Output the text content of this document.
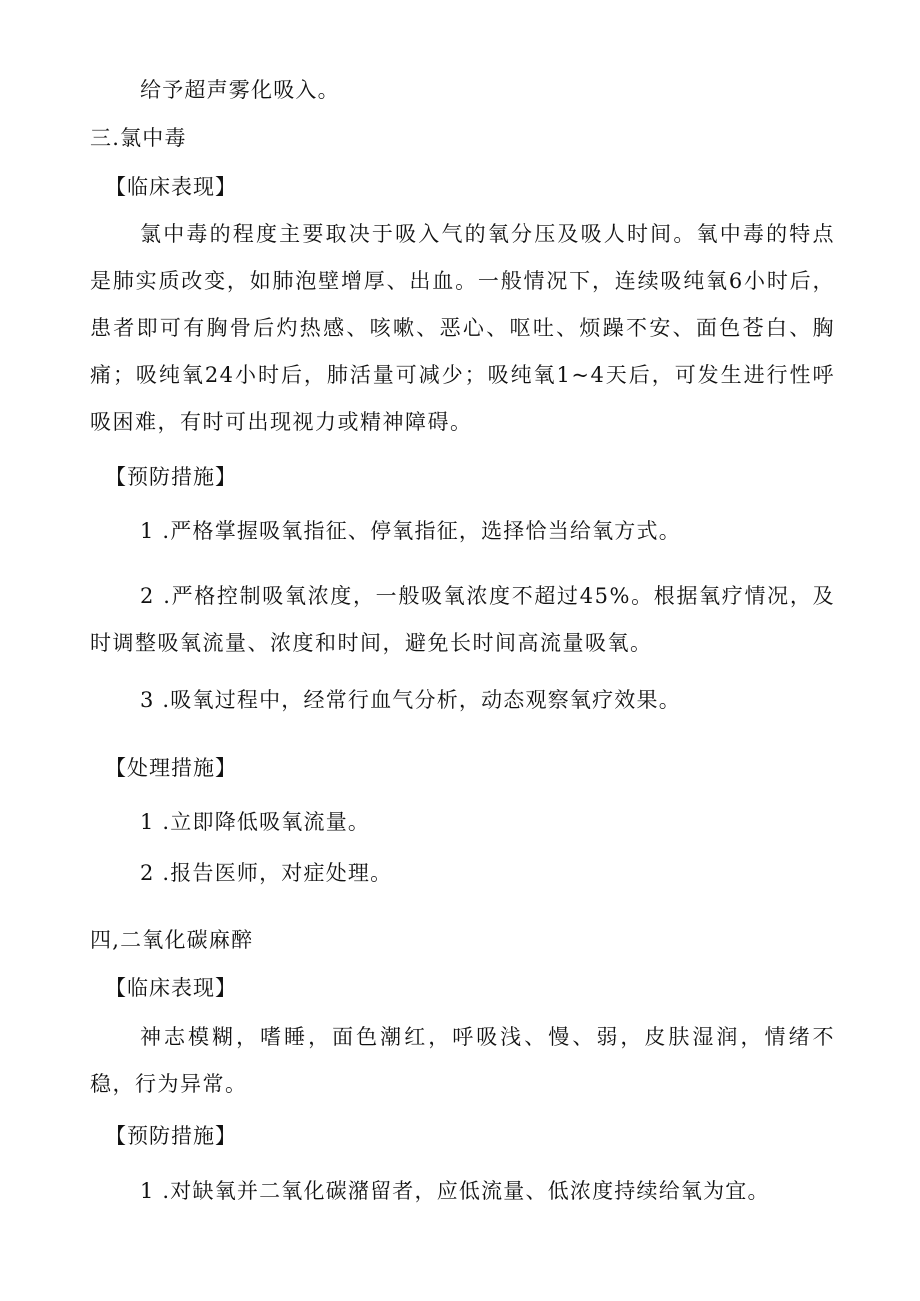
给予超声雾化吸入。
三.氯中毒
【临床表现】
氯中毒的程度主要取决于吸入气的氧分压及吸人时间。氧中毒的特点是肺实质改变，如肺泡壁增厚、出血。一般情况下，连续吸纯氧6小时后，患者即可有胸骨后灼热感、咳嗽、恶心、呕吐、烦躁不安、面色苍白、胸痛；吸纯氧24小时后，肺活量可减少；吸纯氧1~4天后，可发生进行性呼吸困难，有时可出现视力或精神障碍。
【预防措施】
1 .严格掌握吸氧指征、停氧指征，选择恰当给氧方式。
2 .严格控制吸氧浓度，一般吸氧浓度不超过45%。根据氧疗情况，及时调整吸氧流量、浓度和时间，避免长时间高流量吸氧。
3 .吸氧过程中，经常行血气分析，动态观察氧疗效果。
【处理措施】
1 .立即降低吸氧流量。
2 .报告医师，对症处理。
四,二氧化碳麻醉
【临床表现】
神志模糊，嗜睡，面色潮红，呼吸浅、慢、弱，皮肤湿润，情绪不稳，行为异常。
【预防措施】
1 .对缺氧并二氧化碳潴留者，应低流量、低浓度持续给氧为宜。
